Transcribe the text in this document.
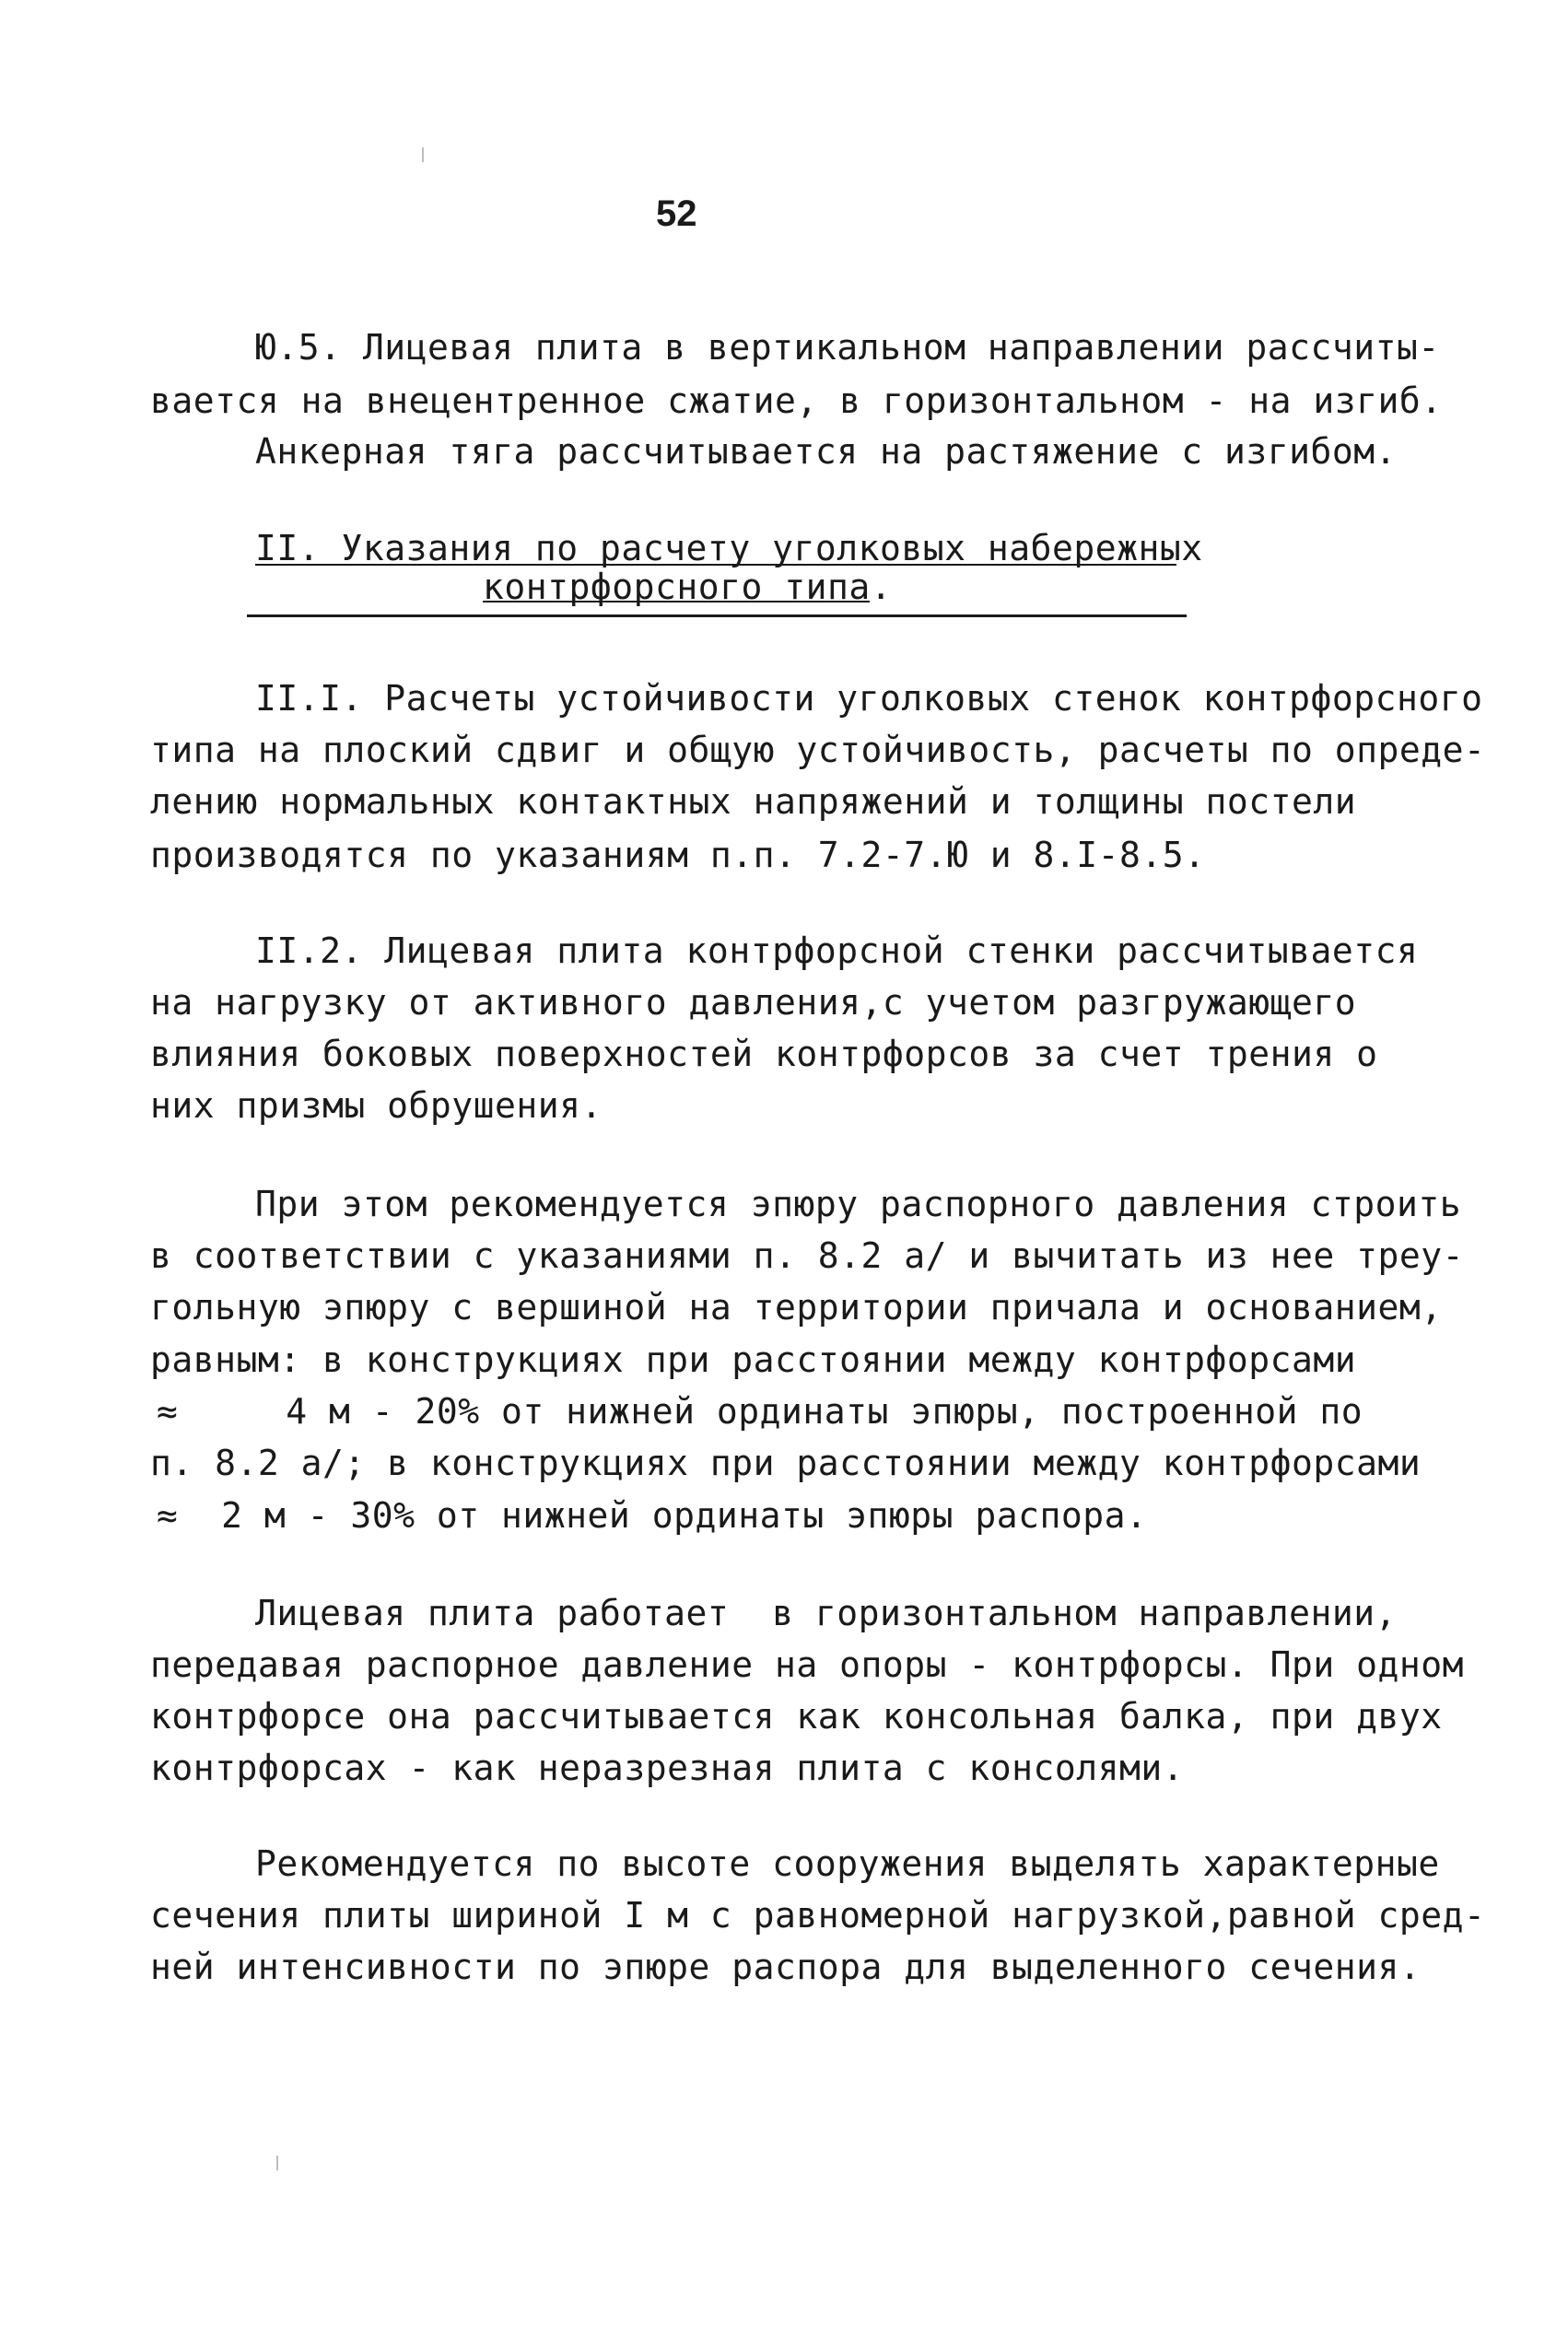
52
Ю.5. Лицевая плита в вертикальном направлении рассчиты-
вается на внецентренное сжатие, в горизонтальном - на изгиб.
Анкерная тяга рассчитывается на растяжение с изгибом.
II. Указания по расчету уголковых набережных
контрфорсного типа.
II.I. Расчеты устойчивости уголковых стенок контрфорсного
типа на плоский сдвиг и общую устойчивость, расчеты по опреде-
лению нормальных контактных напряжений и толщины постели
производятся по указаниям п.п. 7.2-7.Ю и 8.I-8.5.
II.2. Лицевая плита контрфорсной стенки рассчитывается
на нагрузку от активного давления,с учетом разгружающего
влияния боковых поверхностей контрфорсов за счет трения о
них призмы обрушения.
При этом рекомендуется эпюру распорного давления строить
в соответствии с указаниями п. 8.2 а/ и вычитать из нее треу-
гольную эпюру с вершиной на территории причала и основанием,
равным: в конструкциях при расстоянии между контрфорсами
≈     4 м - 20% от нижней ординаты эпюры, построенной по
п. 8.2 а/; в конструкциях при расстоянии между контрфорсами
≈  2 м - 30% от нижней ординаты эпюры распора.
Лицевая плита работает  в горизонтальном направлении,
передавая распорное давление на опоры - контрфорсы. При одном
контрфорсе она рассчитывается как консольная балка, при двух
контрфорсах - как неразрезная плита с консолями.
Рекомендуется по высоте сооружения выделять характерные
сечения плиты шириной I м с равномерной нагрузкой,равной сред-
ней интенсивности по эпюре распора для выделенного сечения.
